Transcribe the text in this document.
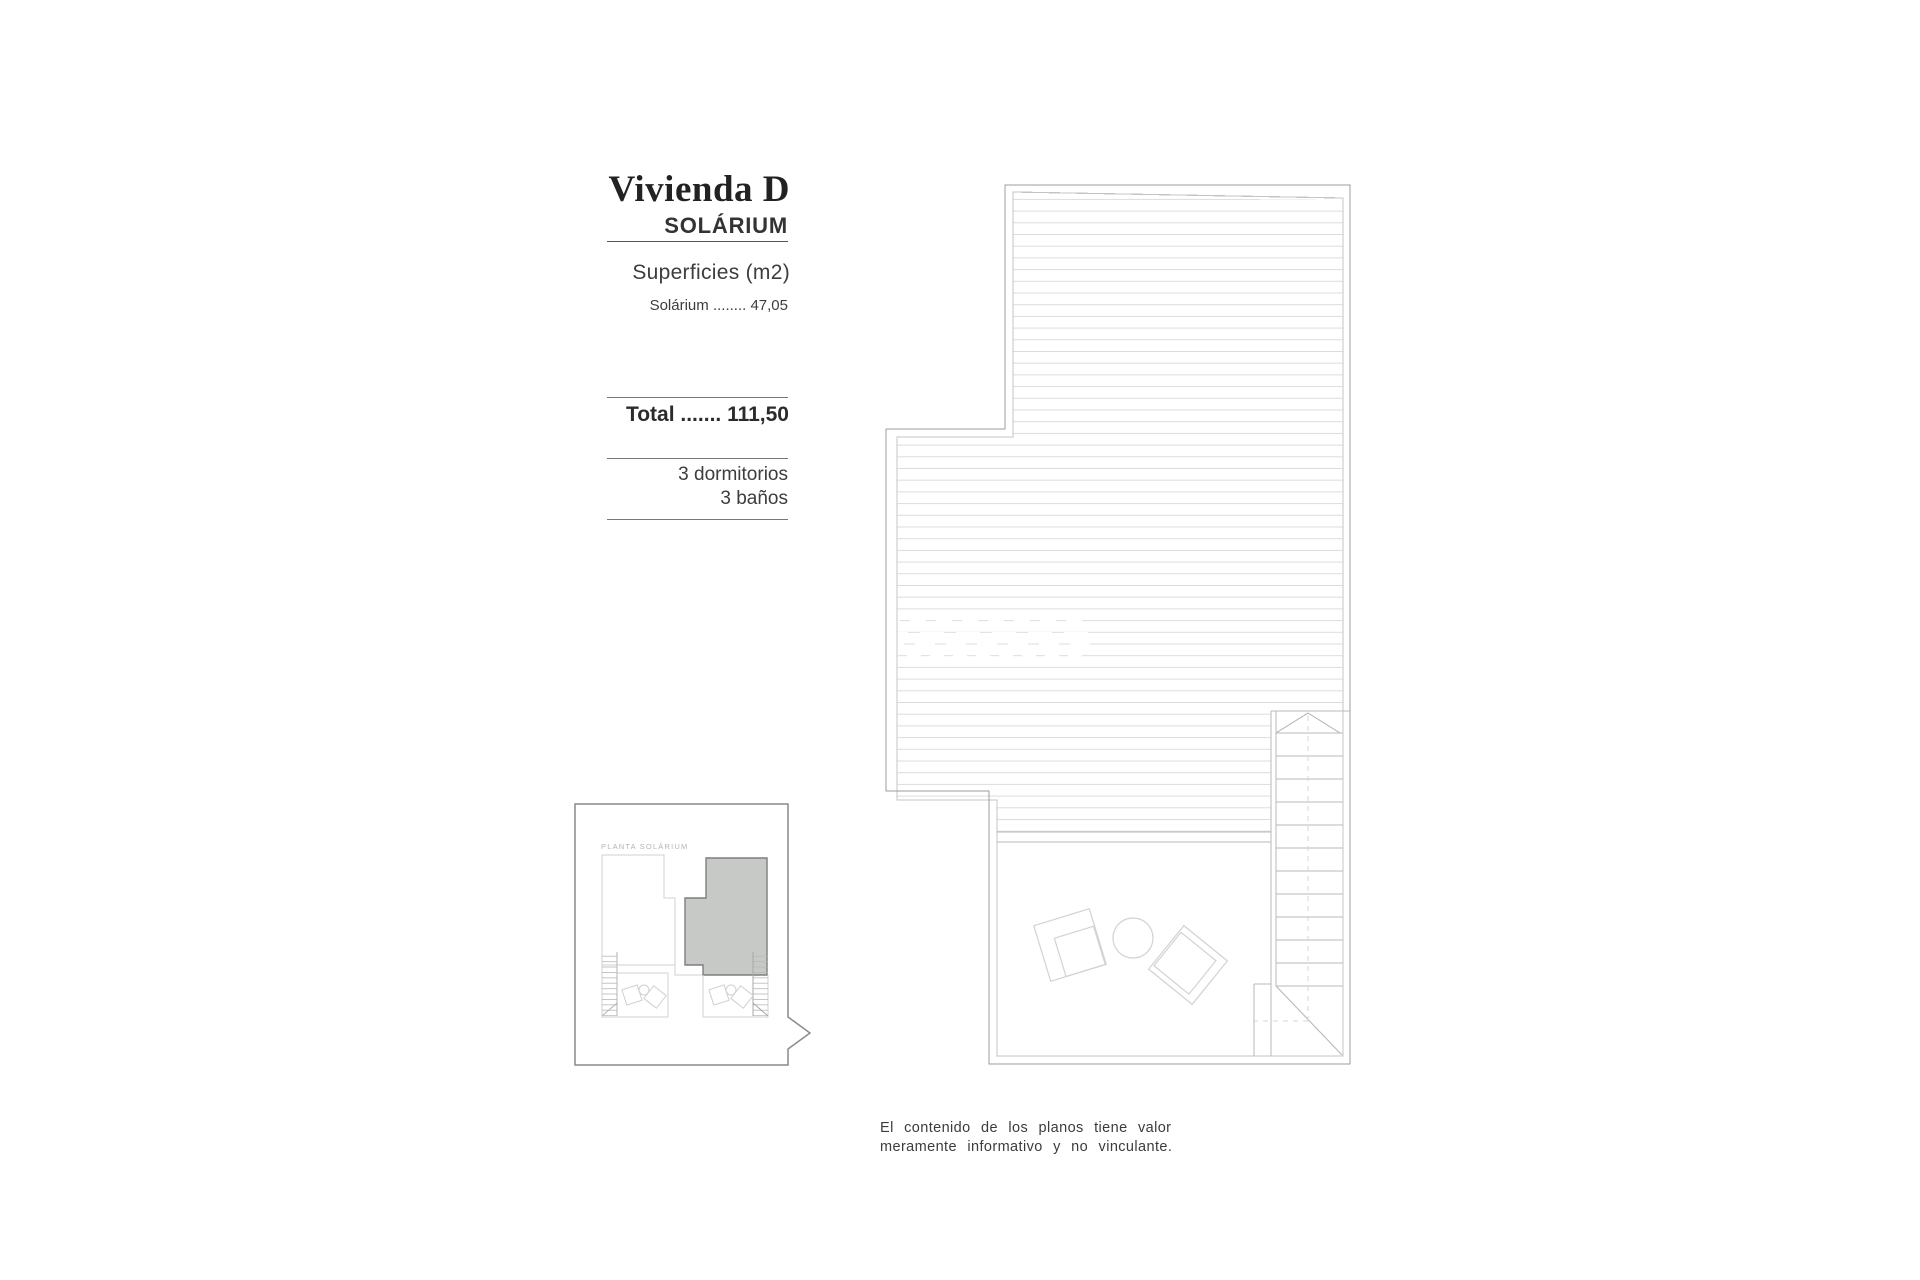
Vivienda D
SOLÁRIUM
Superficies (m2)
Solárium ........ 47,05
Total ....... 111,50
3 dormitorios
3 baños
PLANTA SOLÁRIUM
El contenido de los planos tiene valor
meramente informativo y no vinculante.
